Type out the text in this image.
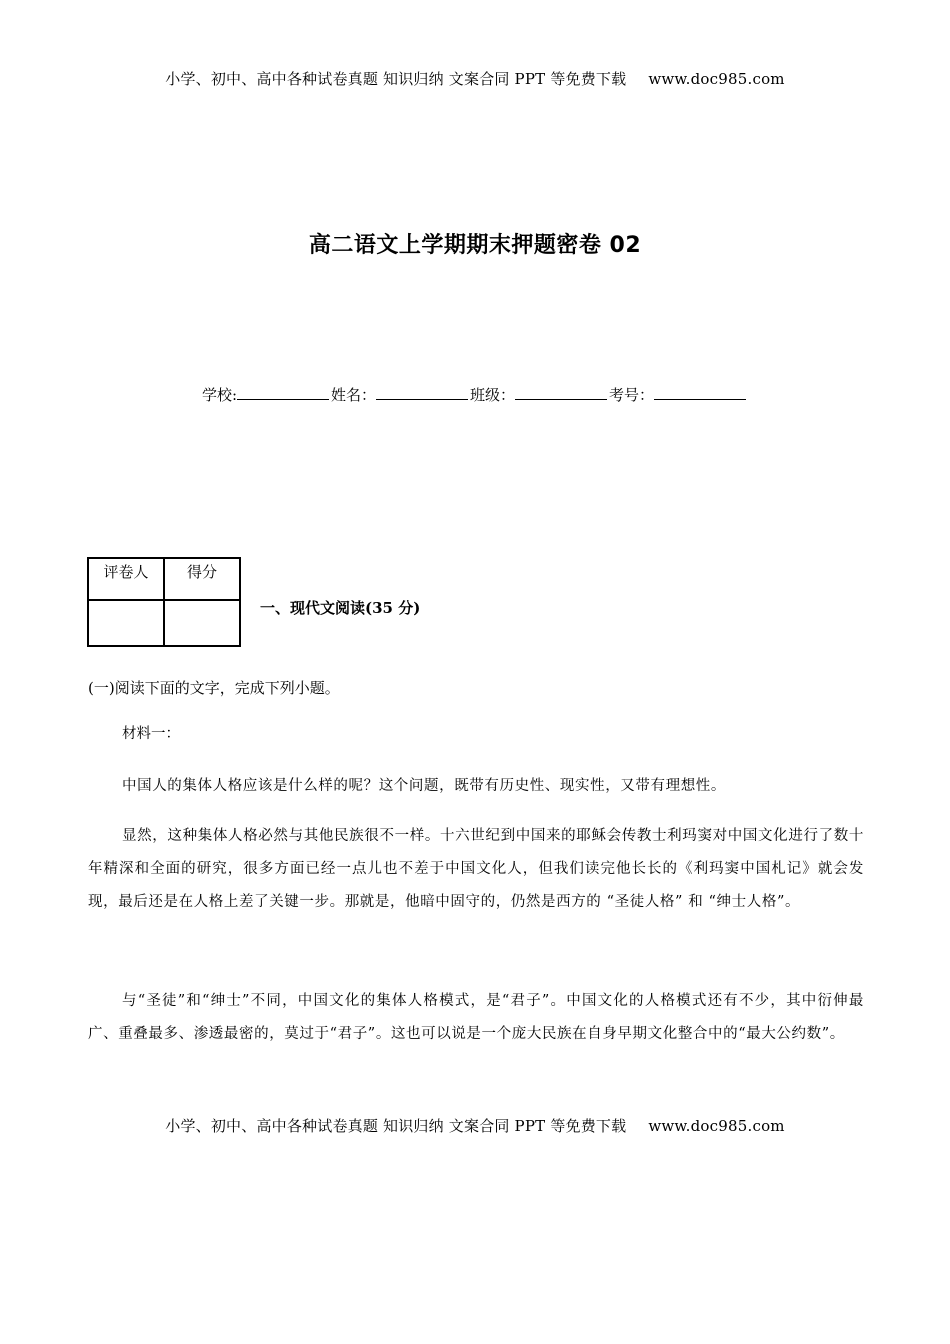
小学、初中、高中各种试卷真题 知识归纳 文案合同 PPT 等免费下载 www.doc985.com
高二语文上学期期末押题密卷 02
学校:	姓名：	班级：	考号：
评卷人	得分

一、现代文阅读(35 分)
(一)阅读下面的文字，完成下列小题。
材料一：
中国人的集体人格应该是什么样的呢？这个问题，既带有历史性、现实性，又带有理想性。
显然，这种集体人格必然与其他民族很不一样。十六世纪到中国来的耶稣会传教士利玛窦对中国文化进行了数十年精深和全面的研究，很多方面已经一点儿也不差于中国文化人，但我们读完他长长的《利玛窦中国札记》就会发现，最后还是在人格上差了关键一步。那就是，他暗中固守的，仍然是西方的 “圣徒人格” 和 “绅士人格”。
与“圣徒”和“绅士”不同，中国文化的集体人格模式，是“君子”。中国文化的人格模式还有不少，其中衍伸最广、重叠最多、渗透最密的，莫过于“君子”。这也可以说是一个庞大民族在自身早期文化整合中的“最大公约数”。
小学、初中、高中各种试卷真题 知识归纳 文案合同 PPT 等免费下载 www.doc985.com
